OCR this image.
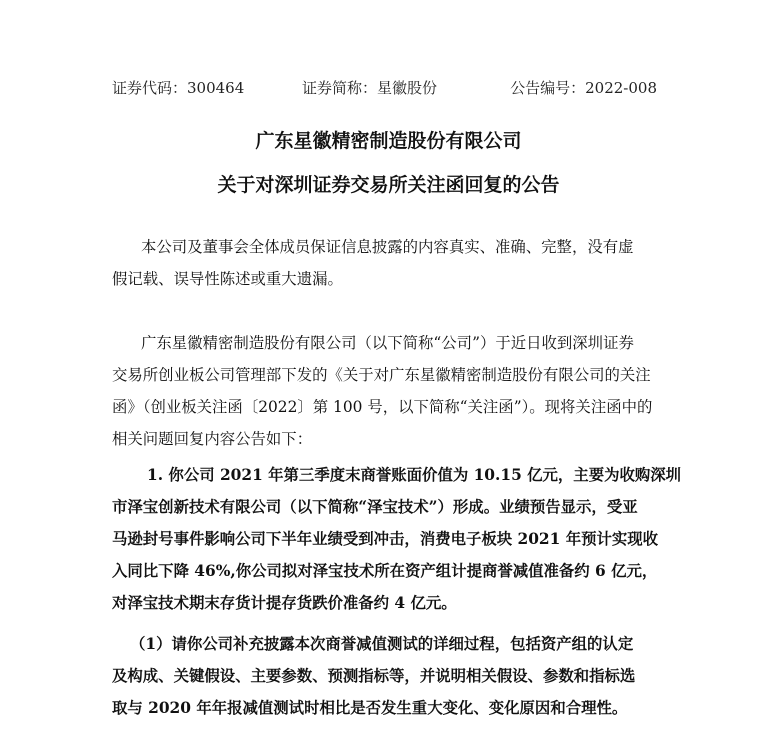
证券代码：300464	证券简称：星徽股份	公告编号：2022-008
广东星徽精密制造股份有限公司
关于对深圳证券交易所关注函回复的公告
本公司及董事会全体成员保证信息披露的内容真实、准确、完整，没有虚
假记载、误导性陈述或重大遗漏。
广东星徽精密制造股份有限公司（以下简称“公司”）于近日收到深圳证券
交易所创业板公司管理部下发的《关于对广东星徽精密制造股份有限公司的关注
函》（创业板关注函〔2022〕第 100 号，以下简称“关注函”）。现将关注函中的
相关问题回复内容公告如下：
1. 你公司 2021 年第三季度末商誉账面价值为 10.15 亿元，主要为收购深圳
市泽宝创新技术有限公司（以下简称“泽宝技术”）形成。业绩预告显示，受亚
马逊封号事件影响公司下半年业绩受到冲击，消费电子板块 2021 年预计实现收
入同比下降 46%,你公司拟对泽宝技术所在资产组计提商誉减值准备约 6 亿元，
对泽宝技术期末存货计提存货跌价准备约 4 亿元。
（1）请你公司补充披露本次商誉减值测试的详细过程，包括资产组的认定
及构成、关键假设、主要参数、预测指标等，并说明相关假设、参数和指标选
取与 2020 年年报减值测试时相比是否发生重大变化、变化原因和合理性。
